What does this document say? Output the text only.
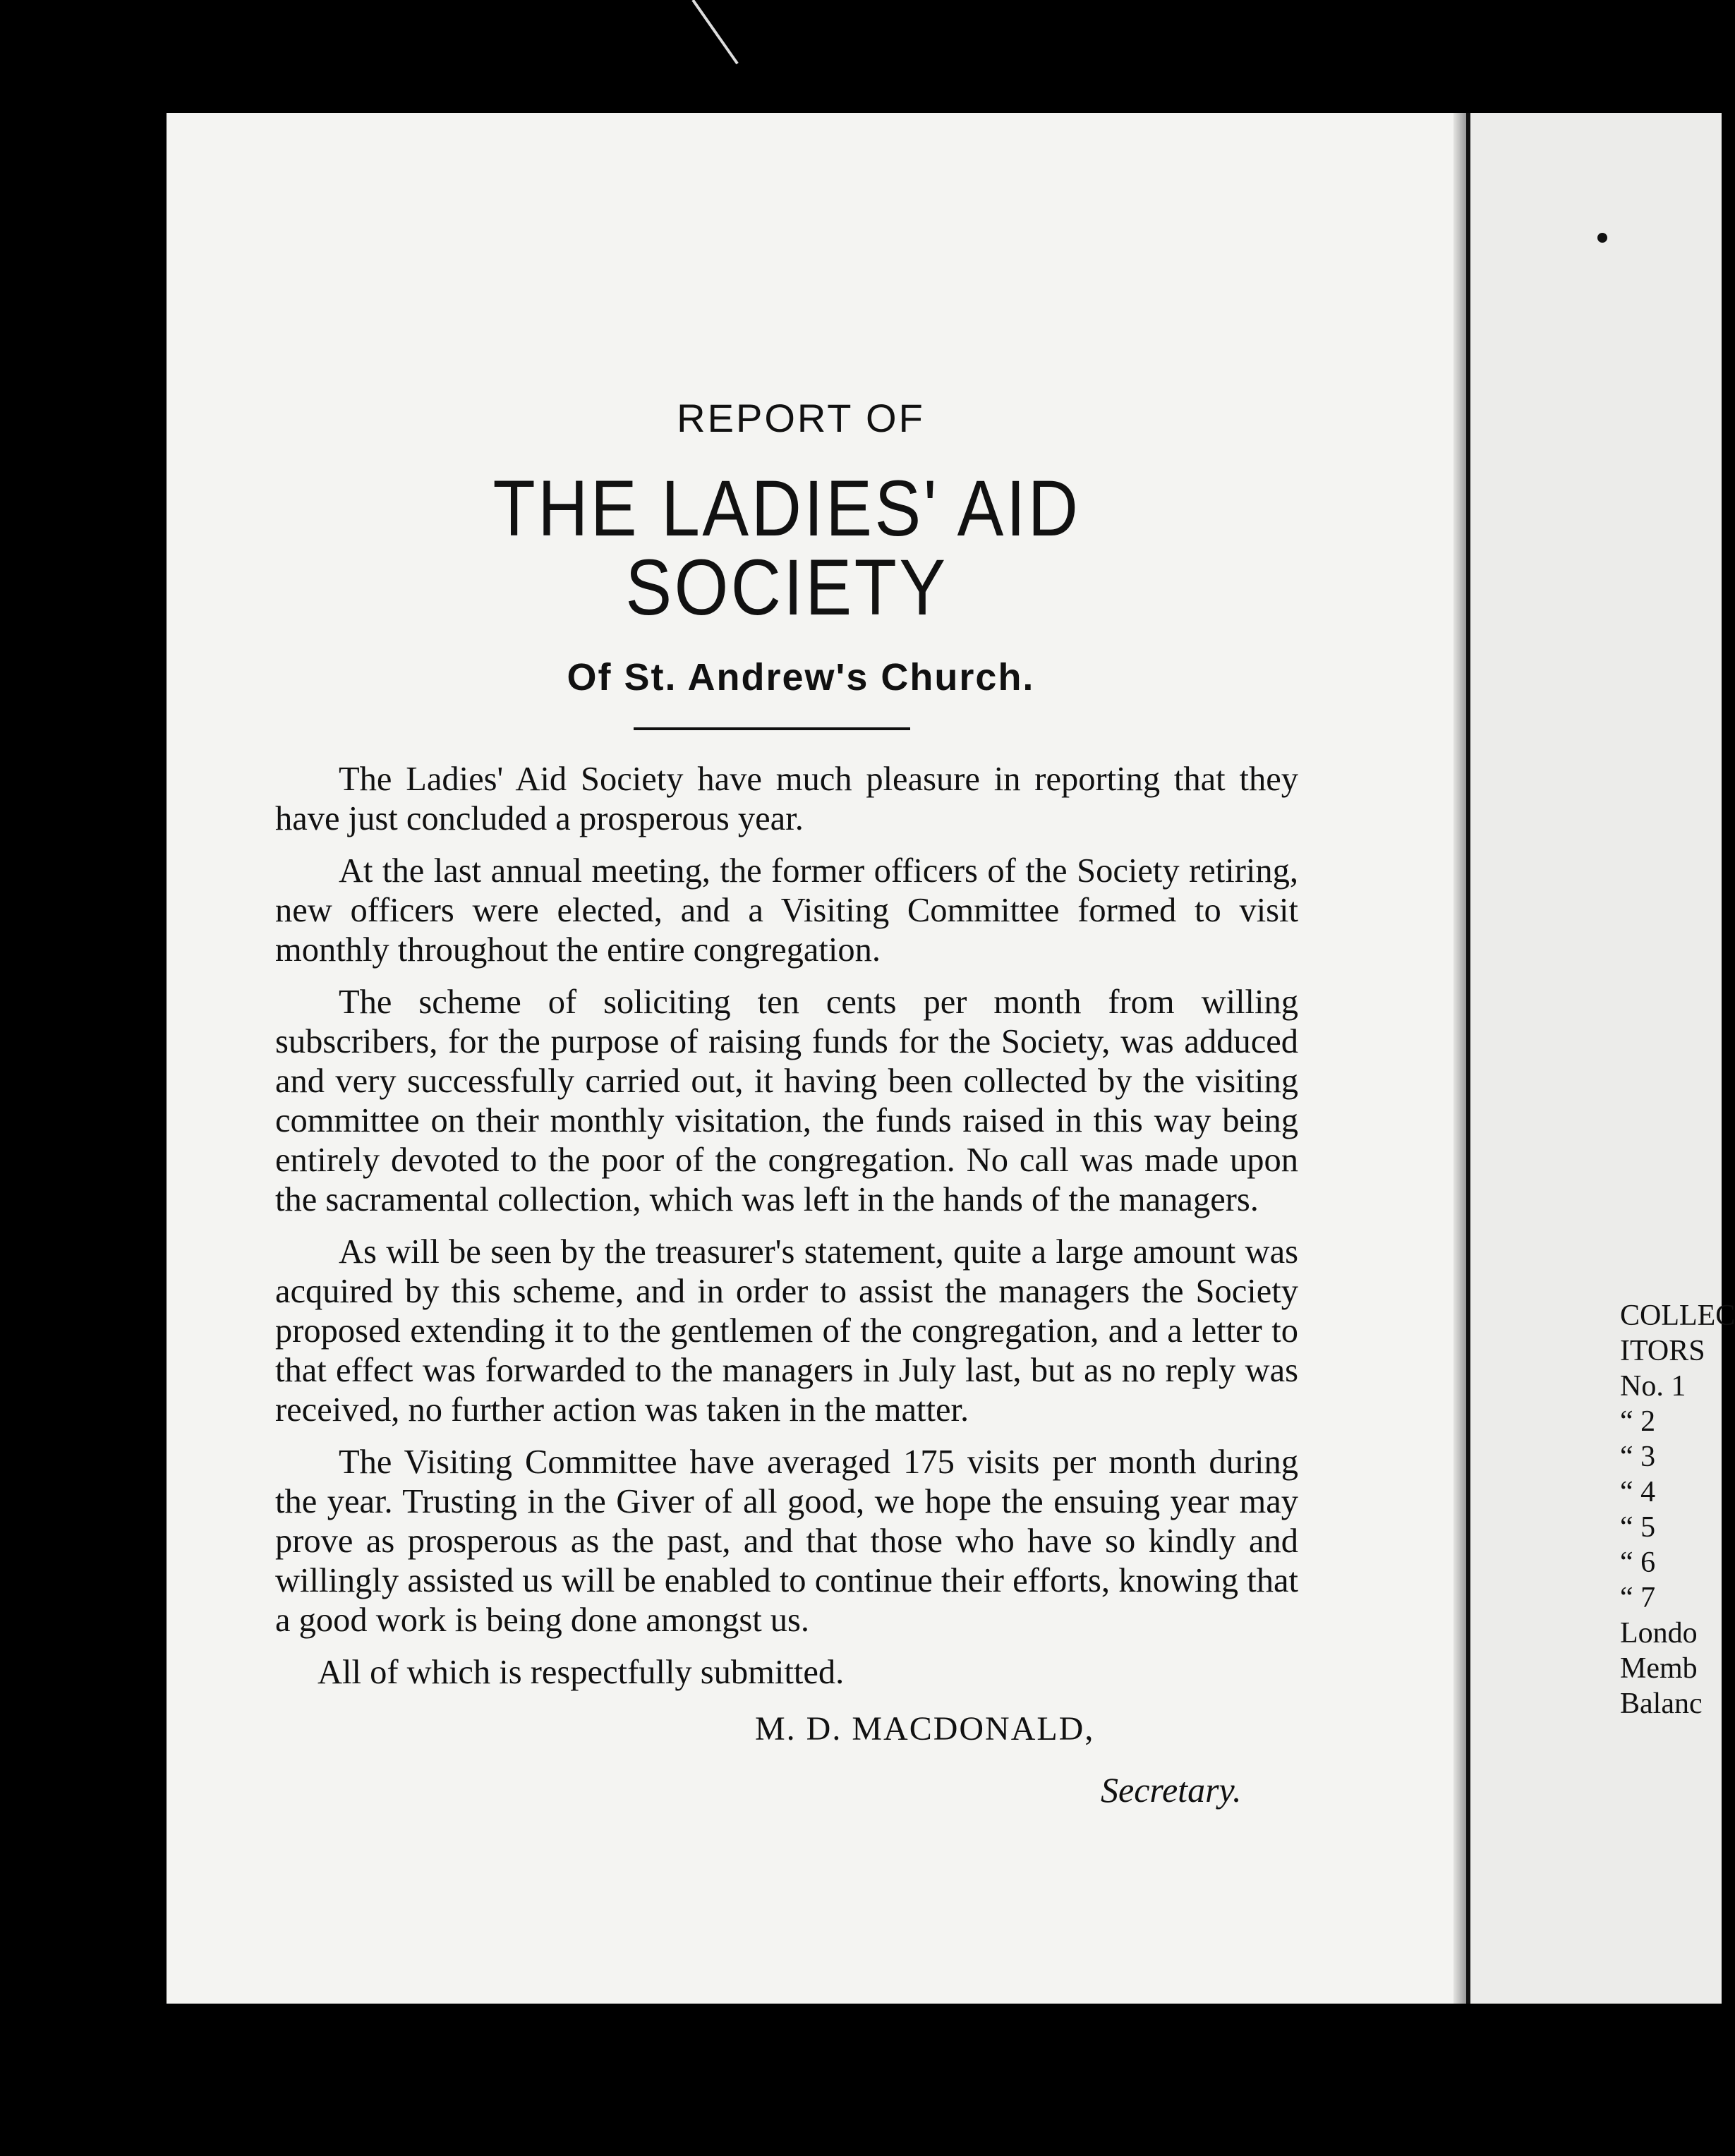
REPORT OF
THE LADIES' AID SOCIETY
Of St. Andrew's Church.

The Ladies' Aid Society have much pleasure in reporting that they have just concluded a prosperous year.

At the last annual meeting, the former officers of the Society retiring, new officers were elected, and a Visiting Committee formed to visit monthly throughout the entire congregation.

The scheme of soliciting ten cents per month from willing subscribers, for the purpose of raising funds for the Society, was adduced and very successfully carried out, it having been collected by the visiting committee on their monthly visitation, the funds raised in this way being entirely devoted to the poor of the congregation. No call was made upon the sacramental collection, which was left in the hands of the managers.

As will be seen by the treasurer's statement, quite a large amount was acquired by this scheme, and in order to assist the managers the Society proposed extending it to the gentlemen of the congregation, and a letter to that effect was forwarded to the managers in July last, but as no reply was received, no further action was taken in the matter.

The Visiting Committee have averaged 175 visits per month during the year. Trusting in the Giver of all good, we hope the ensuing year may prove as prosperous as the past, and that those who have so kindly and willingly assisted us will be enabled to continue their efforts, knowing that a good work is being done amongst us.

All of which is respectfully submitted.

M. D. MACDONALD,
Secretary.
COLLEC
ITORS
No. 1
“ 2
“ 3
“ 4
“ 5
“ 6
“ 7
Londo
Memb
Balanc
